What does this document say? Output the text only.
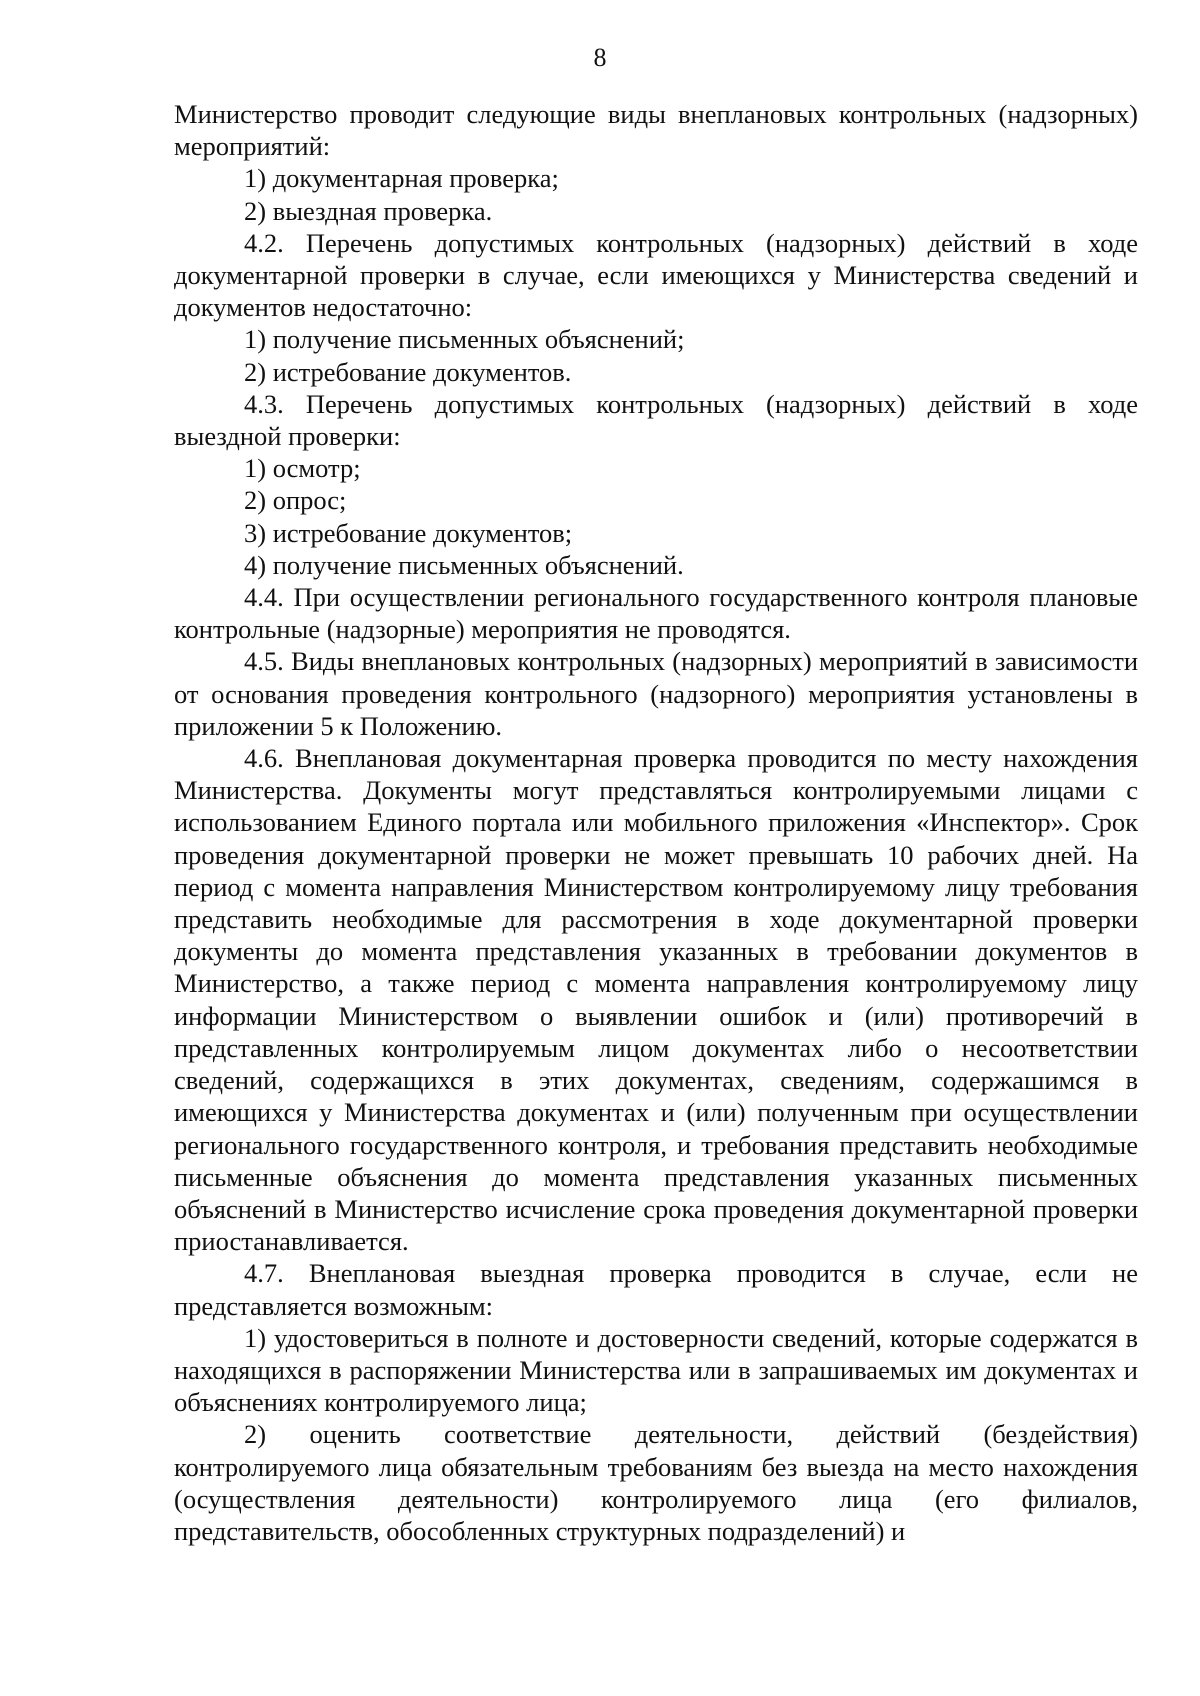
8

Министерство проводит следующие виды внеплановых контрольных (надзорных) мероприятий:

1) документарная проверка;

2) выездная проверка.

4.2. Перечень допустимых контрольных (надзорных) действий в ходе документарной проверки в случае, если имеющихся у Министерства сведений и документов недостаточно:

1) получение письменных объяснений;

2) истребование документов.

4.3. Перечень допустимых контрольных (надзорных) действий в ходе выездной проверки:

1) осмотр;

2) опрос;

3) истребование документов;

4) получение письменных объяснений.

4.4. При осуществлении регионального государственного контроля плановые контрольные (надзорные) мероприятия не проводятся.

4.5. Виды внеплановых контрольных (надзорных) мероприятий в зависимости от основания проведения контрольного (надзорного) мероприятия установлены в приложении 5 к Положению.

4.6. Внеплановая документарная проверка проводится по месту нахождения Министерства. Документы могут представляться контролируемыми лицами с использованием Единого портала или мобильного приложения «Инспектор». Срок проведения документарной проверки не может превышать 10 рабочих дней. На период с момента направления Министерством контролируемому лицу требования представить необходимые для рассмотрения в ходе документарной проверки документы до момента представления указанных в требовании документов в Министерство, а также период с момента направления контролируемому лицу информации Министерством о выявлении ошибок и (или) противоречий в представленных контролируемым лицом документах либо о несоответствии сведений, содержащихся в этих документах, сведениям, содержашимся в имеющихся у Министерства документах и (или) полученным при осуществлении регионального государственного контроля, и требования представить необходимые письменные объяснения до момента представления указанных письменных объяснений в Министерство исчисление срока проведения документарной проверки приостанавливается.

4.7. Внеплановая выездная проверка проводится в случае, если не представляется возможным:

1) удостовериться в полноте и достоверности сведений, которые содержатся в находящихся в распоряжении Министерства или в запрашиваемых им документах и объяснениях контролируемого лица;

2) оценить соответствие деятельности, действий (бездействия) контролируемого лица обязательным требованиям без выезда на место нахождения (осуществления деятельности) контролируемого лица (его филиалов, представительств, обособленных структурных подразделений) и
